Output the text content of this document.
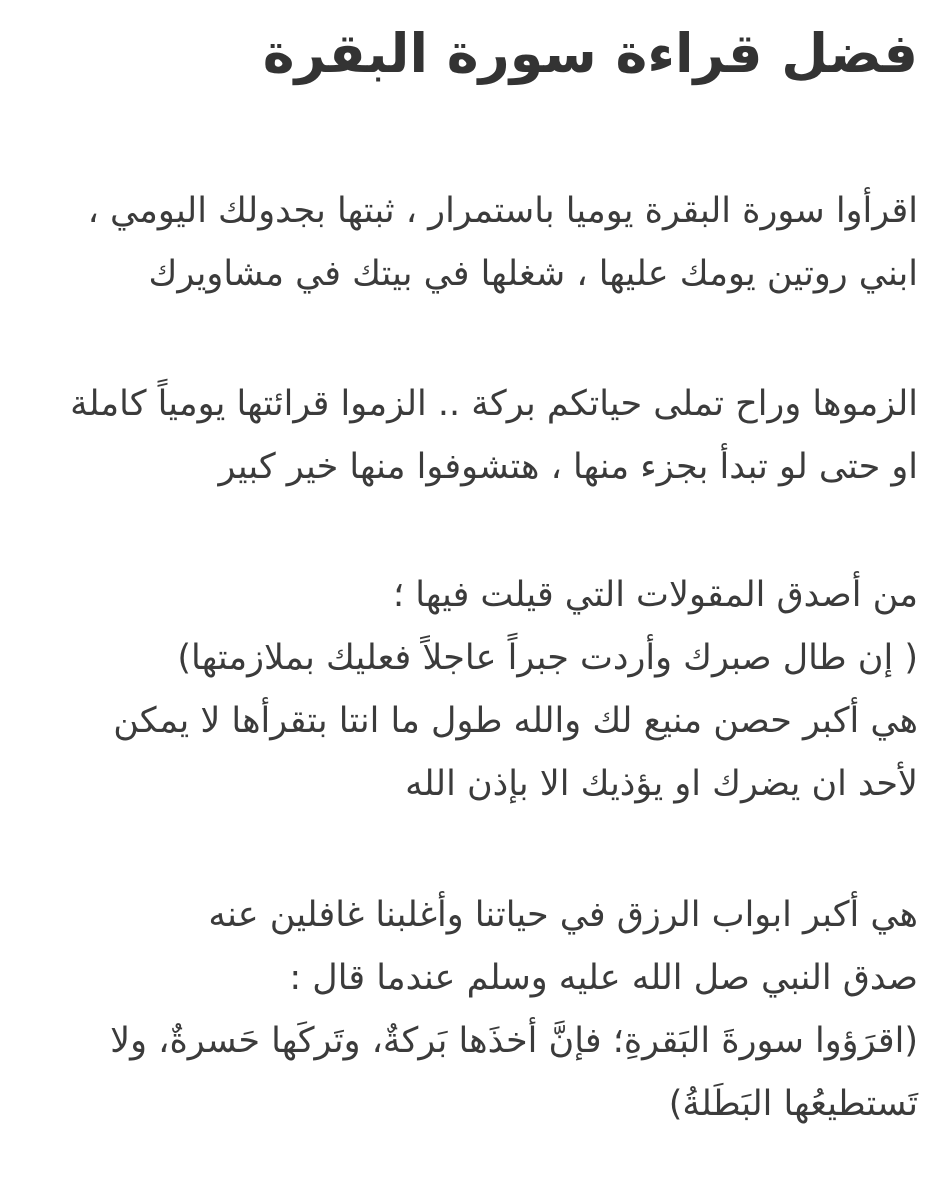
فضل قراءة سورة البقرة
اقرأوا سورة البقرة يوميا باستمرار ، ثبتها بجدولك اليومي ،
ابني روتين يومك عليها ، شغلها في بيتك في مشاويرك
الزموها وراح تملى حياتكم بركة .. الزموا قرائتها يومياً كاملة
او حتى لو تبدأ بجزء منها ، هتشوفوا منها خير كبير
من أصدق المقولات التي قيلت فيها ؛
( إن طال صبرك وأردت جبراً عاجلاً فعليك بملازمتها)
هي أكبر حصن منيع لك والله طول ما انتا بتقرأها لا يمكن
لأحد ان يضرك او يؤذيك الا بإذن الله
هي أكبر ابواب الرزق في حياتنا وأغلبنا غافلين عنه
صدق النبي صل الله عليه وسلم عندما قال :
(اقرَؤوا سورةَ البَقرةِ؛ فإنَّ أخذَها بَركةٌ، وتَركَها حَسرةٌ، ولا
تَستطيعُها البَطَلةُ)
